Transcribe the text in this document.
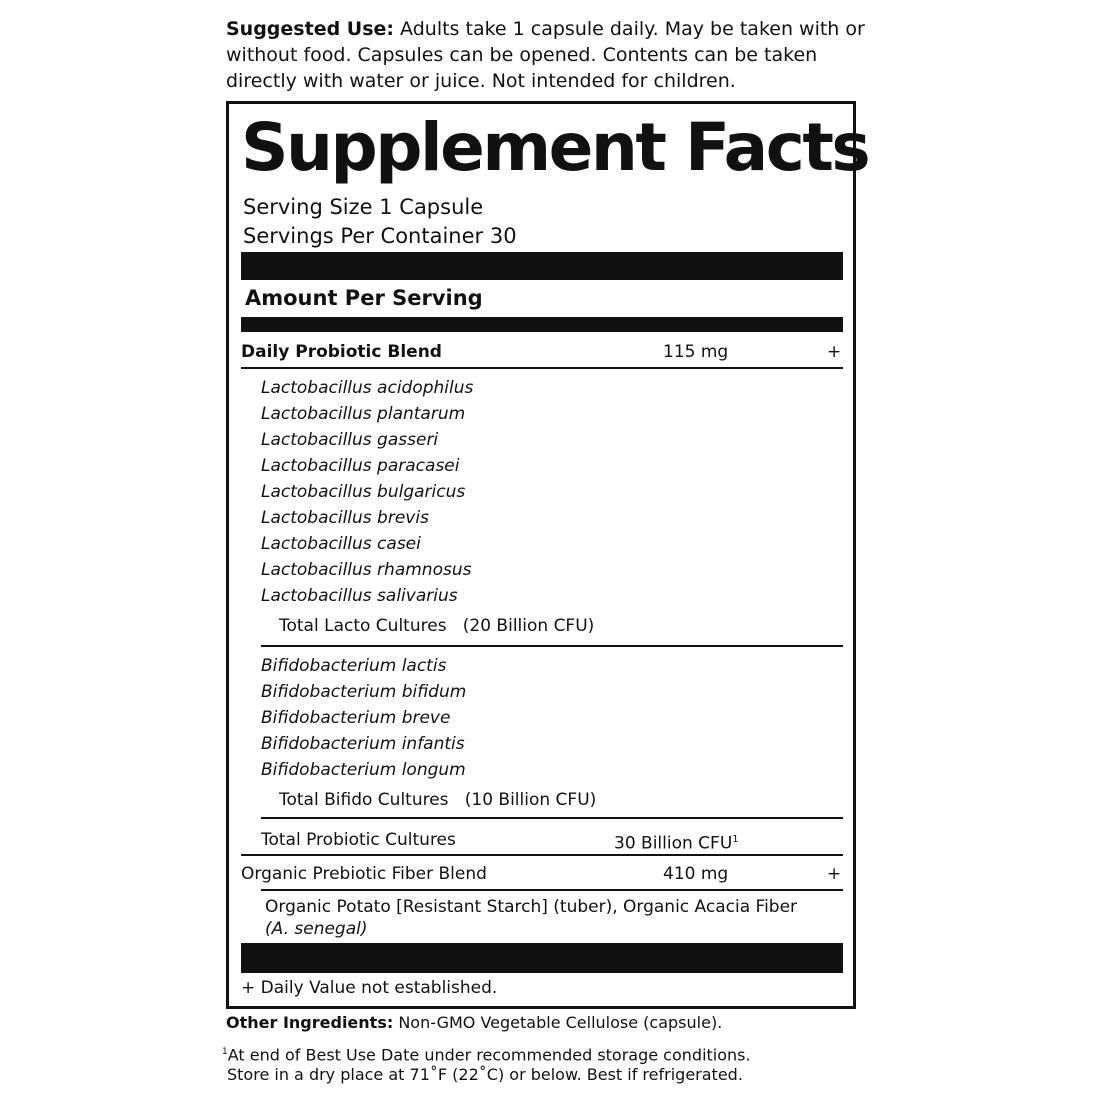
Suggested Use: Adults take 1 capsule daily. May be taken with or without food. Capsules can be opened. Contents can be taken directly with water or juice. Not intended for children.
Supplement Facts
Serving Size 1 Capsule
Servings Per Container 30
Amount Per Serving
Daily Probiotic Blend	115 mg	+
Lactobacillus acidophilus
Lactobacillus plantarum
Lactobacillus gasseri
Lactobacillus paracasei
Lactobacillus bulgaricus
Lactobacillus brevis
Lactobacillus casei
Lactobacillus rhamnosus
Lactobacillus salivarius
Total Lacto Cultures   (20 Billion CFU)
Bifidobacterium lactis
Bifidobacterium bifidum
Bifidobacterium breve
Bifidobacterium infantis
Bifidobacterium longum
Total Bifido Cultures   (10 Billion CFU)
Total Probiotic Cultures	30 Billion CFU$^1$
Organic Prebiotic Fiber Blend	410 mg	+
Organic Potato [Resistant Starch] (tuber), Organic Acacia Fiber
(A. senegal)
+ Daily Value not established.
Other Ingredients: Non-GMO Vegetable Cellulose (capsule).
$^1$At end of Best Use Date under recommended storage conditions.
Store in a dry place at 71˚F (22˚C) or below. Best if refrigerated.
